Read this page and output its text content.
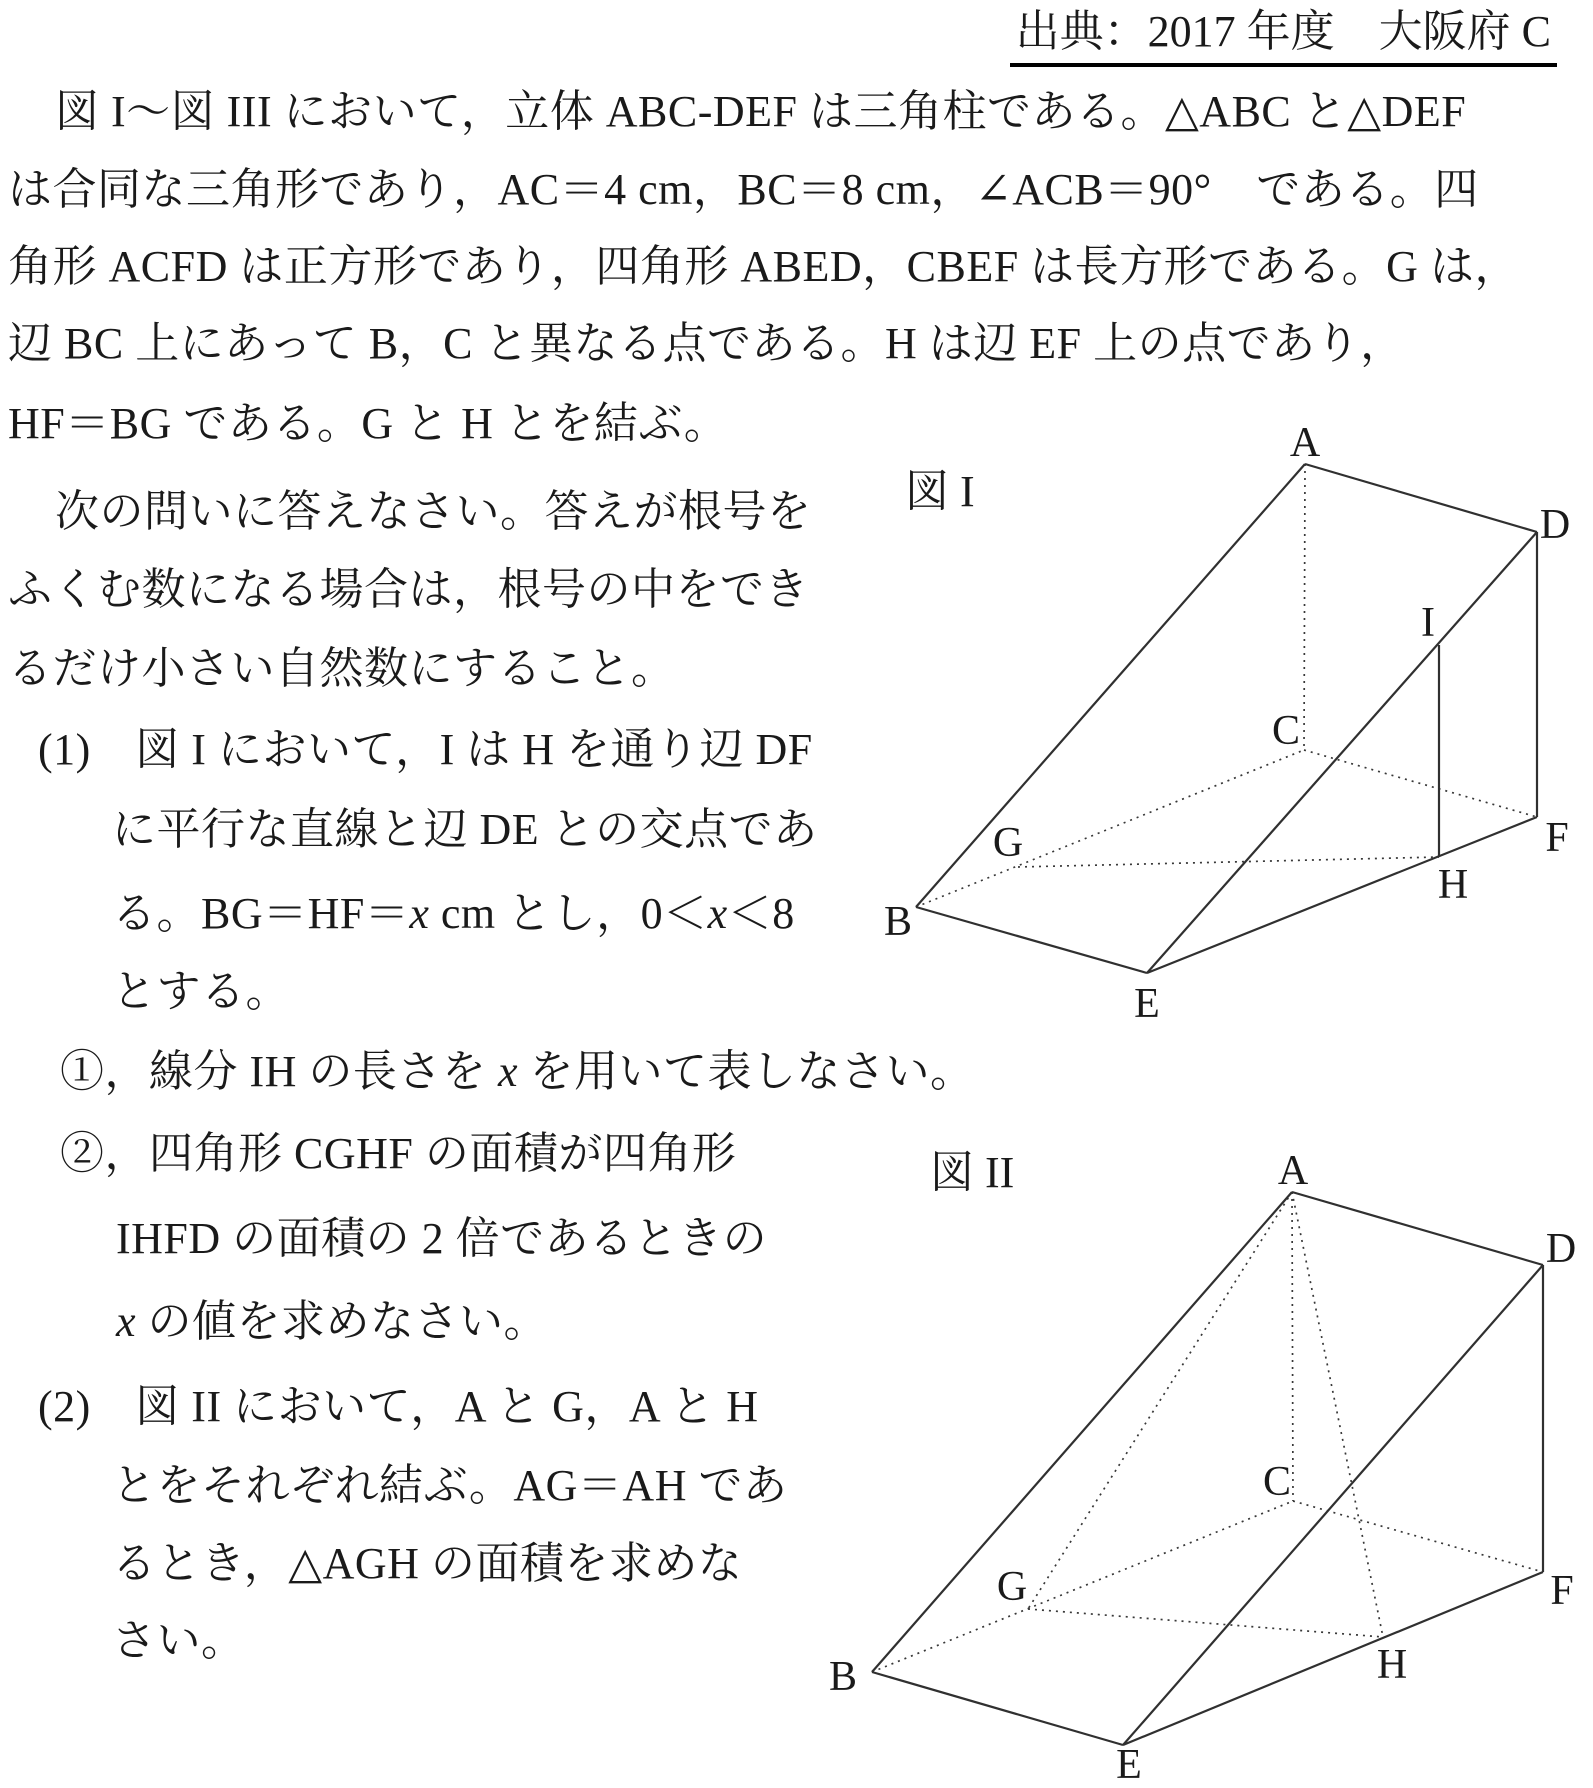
出典：2017 年度　大阪府 C
図 I～図 III において，立体 ABC-DEF は三角柱である。△ABC と△DEF
は合同な三角形であり，AC＝4 cm，BC＝8 cm，∠ACB＝90°　である。四
角形 ACFD は正方形であり，四角形 ABED，CBEF は長方形である。G は，
辺 BC 上にあって B，C と異なる点である。H は辺 EF 上の点であり，
HF＝BG である。G と H とを結ぶ。
次の問いに答えなさい。答えが根号を
ふくむ数になる場合は，根号の中をでき
るだけ小さい自然数にすること。
(1)　図 I において，I は H を通り辺 DF
に平行な直線と辺 DE との交点であ
る。BG＝HF＝x cm とし，0＜x＜8
とする。
①，線分 IH の長さを x を用いて表しなさい。
②，四角形 CGHF の面積が四角形
IHFD の面積の 2 倍であるときの
x の値を求めなさい。
(2)　図 II において，A と G，A と H
とをそれぞれ結ぶ。AG＝AH であ
るとき，△AGH の面積を求めな
さい。
図 I
図 II
A
B
C
D
E
F
G
H
I
A
B
C
D
E
F
G
H
